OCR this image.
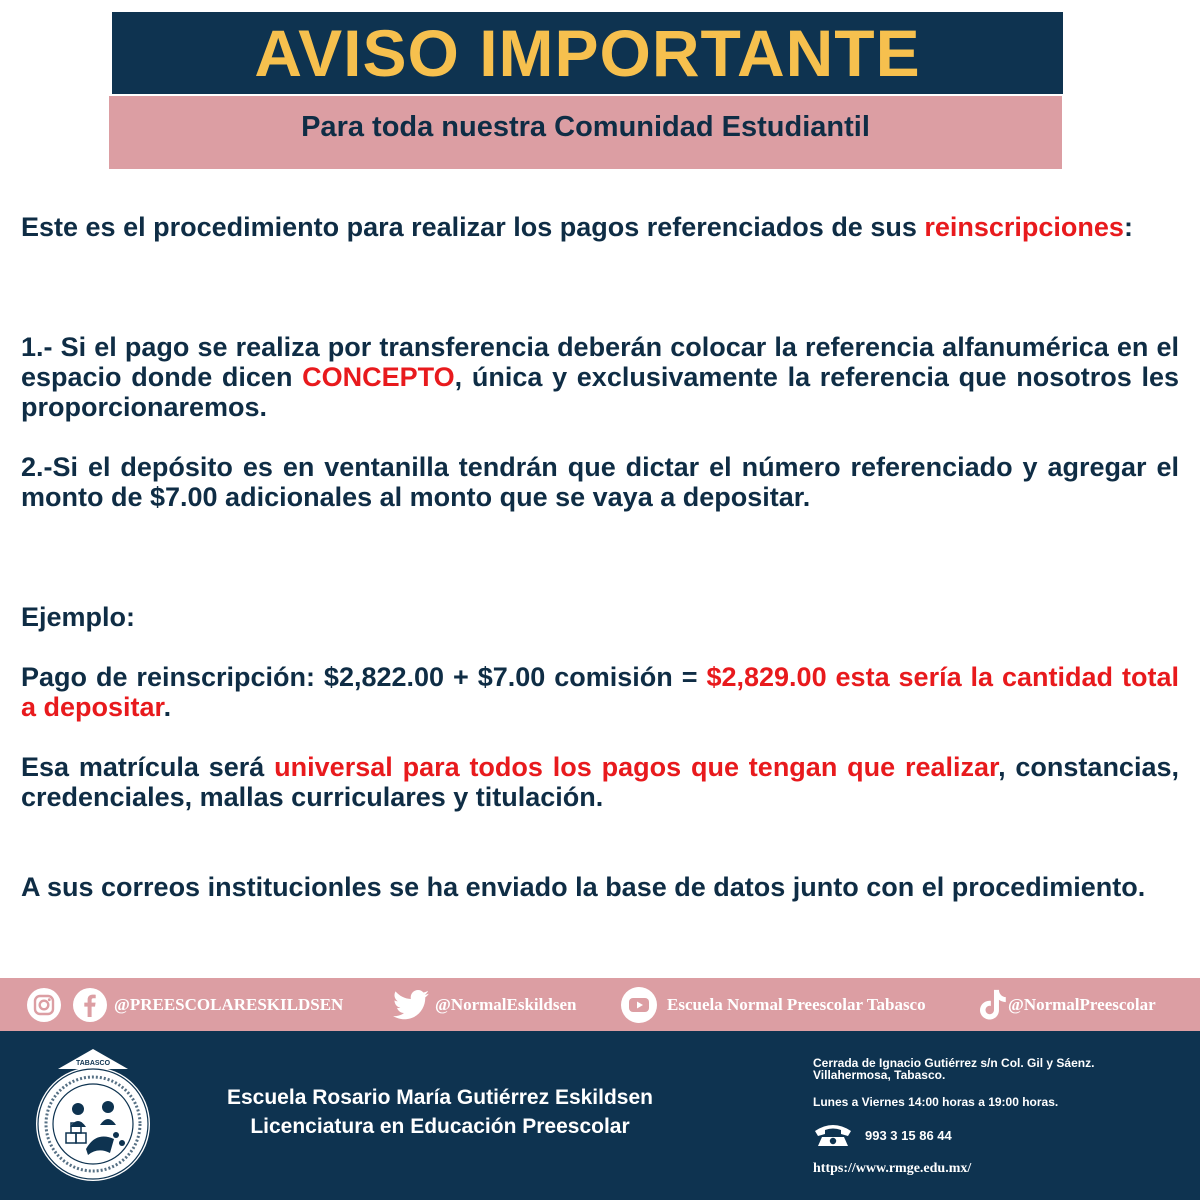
AVISO IMPORTANTE
Para toda nuestra Comunidad Estudiantil

Este es el procedimiento para realizar los pagos referenciados de sus reinscripciones:

1.- Si el pago se realiza por transferencia deberán colocar la referencia alfanumérica en el espacio donde dicen CONCEPTO, única y exclusivamente la referencia que nosotros les proporcionaremos.

2.-Si el depósito es en ventanilla tendrán que dictar el número referenciado y agregar el monto de $7.00 adicionales al monto que se vaya a depositar.

Ejemplo:

Pago de reinscripción: $2,822.00 + $7.00 comisión = $2,829.00 esta sería la cantidad total a depositar.

Esa matrícula será universal para todos los pagos que tengan que realizar, constancias, credenciales, mallas curriculares y titulación.

A sus correos institucionles se ha enviado la base de datos junto con el procedimiento.

@PREESCOLARESKILDSEN	@NormalEskildsen	Escuela Normal Preescolar Tabasco	@NormalPreescolar
TABASCO
Escuela Rosario María Gutiérrez Eskildsen
Licenciatura en Educación Preescolar
Cerrada de Ignacio Gutiérrez s/n Col. Gil y Sáenz.
Villahermosa, Tabasco.
Lunes a Viernes 14:00 horas a 19:00 horas.
993 3 15 86 44
https://www.rmge.edu.mx/
